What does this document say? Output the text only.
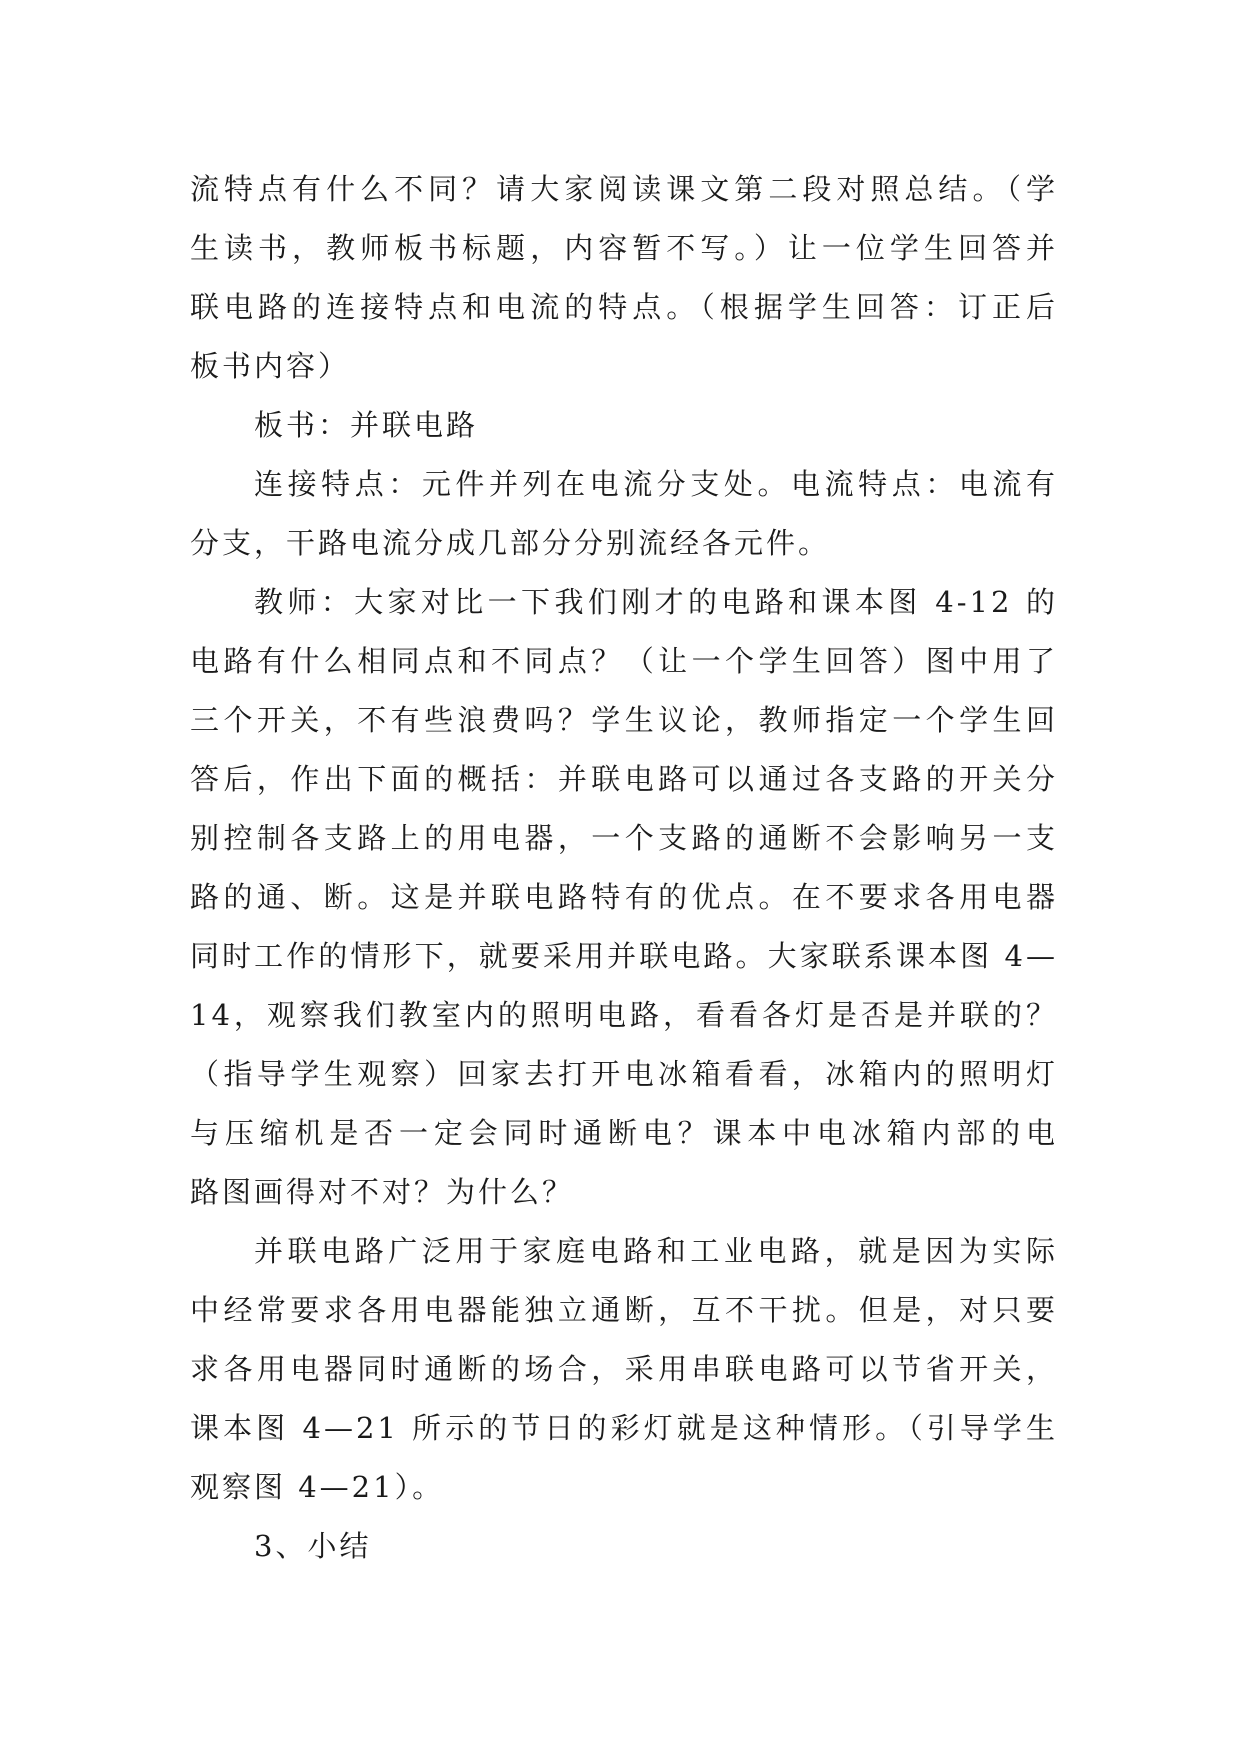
流特点有什么不同？请大家阅读课文第二段对照总结。（学
生读书，教师板书标题，内容暂不写。）让一位学生回答并
联电路的连接特点和电流的特点。（根据学生回答：订正后
板书内容）
板书：并联电路
连接特点：元件并列在电流分支处。电流特点：电流有
分支，干路电流分成几部分分别流经各元件。
教师：大家对比一下我们刚才的电路和课本图 4-12 的
电路有什么相同点和不同点？（让一个学生回答）图中用了
三个开关，不有些浪费吗？学生议论，教师指定一个学生回
答后，作出下面的概括：并联电路可以通过各支路的开关分
别控制各支路上的用电器，一个支路的通断不会影响另一支
路的通、断。这是并联电路特有的优点。在不要求各用电器
同时工作的情形下，就要采用并联电路。大家联系课本图 4—
14，观察我们教室内的照明电路，看看各灯是否是并联的？
（指导学生观察）回家去打开电冰箱看看，冰箱内的照明灯
与压缩机是否一定会同时通断电？课本中电冰箱内部的电
路图画得对不对？为什么？
并联电路广泛用于家庭电路和工业电路，就是因为实际
中经常要求各用电器能独立通断，互不干扰。但是，对只要
求各用电器同时通断的场合，采用串联电路可以节省开关，
课本图 4—21 所示的节日的彩灯就是这种情形。（引导学生
观察图 4—21）。
3、小结
